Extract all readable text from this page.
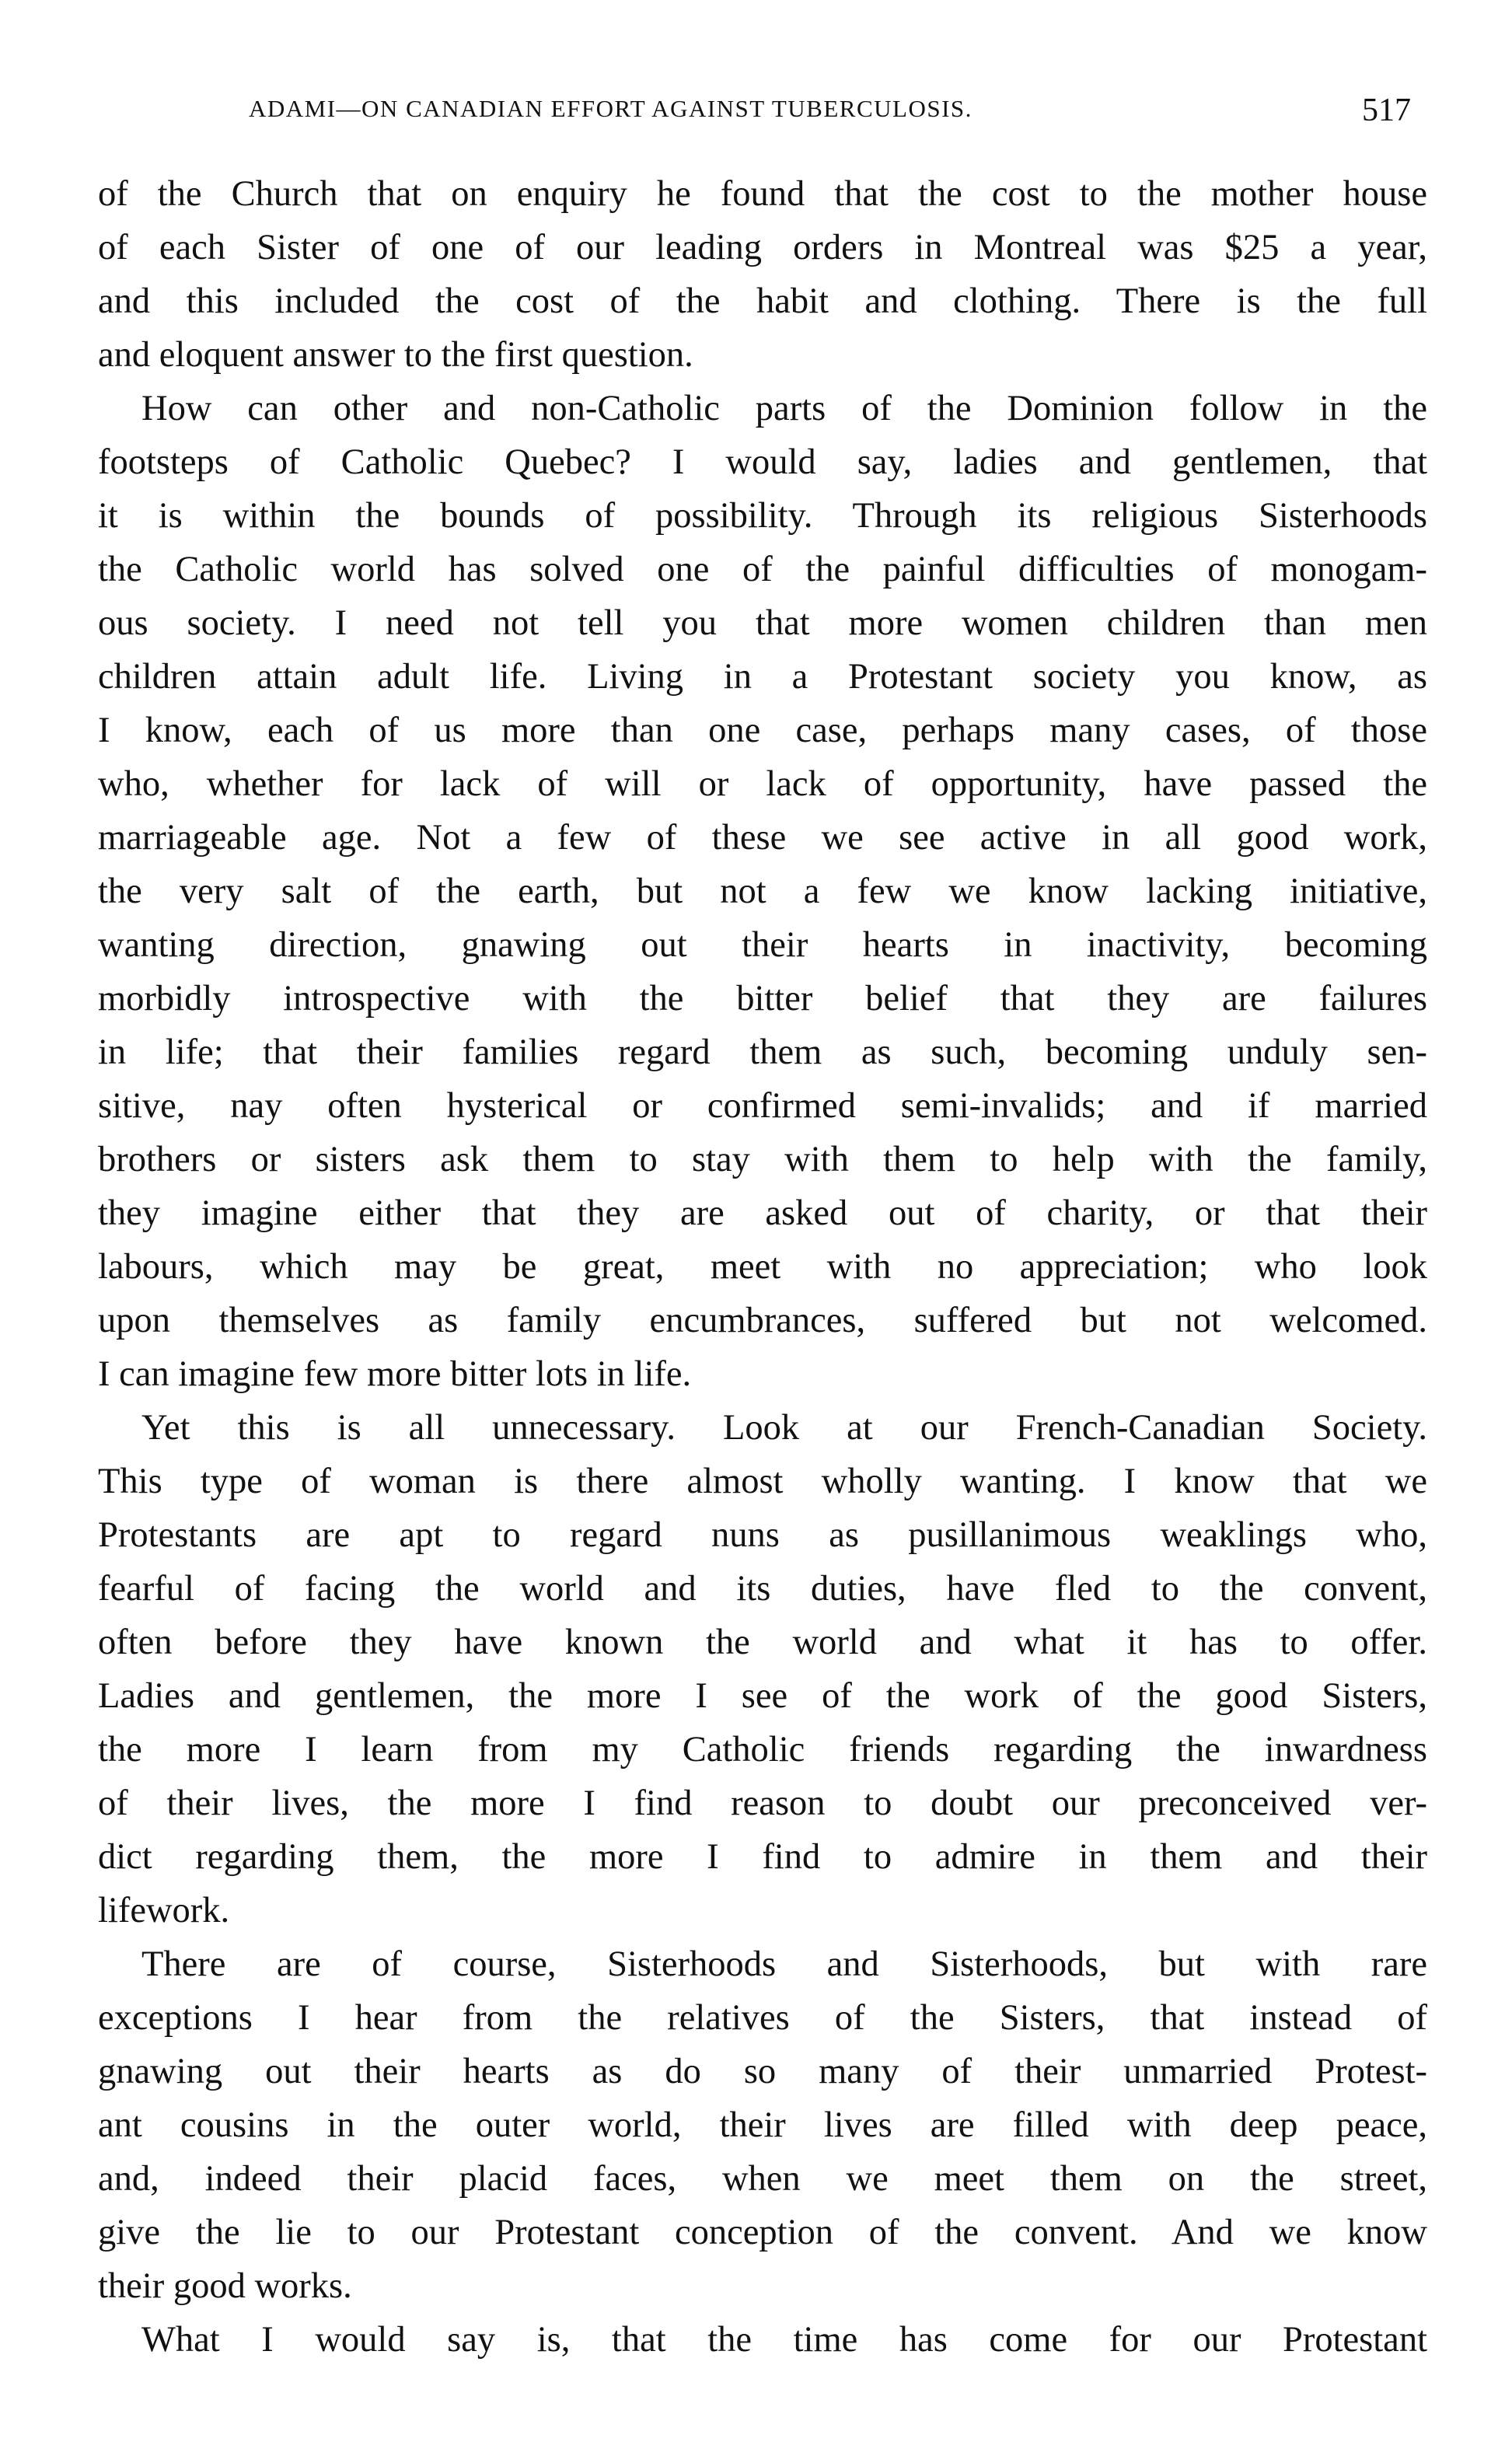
ADAMI—ON CANADIAN EFFORT AGAINST TUBERCULOSIS.	517
of the Church that on enquiry he found that the cost to the mother house
of each Sister of one of our leading orders in Montreal was $25 a year,
and this included the cost of the habit and clothing. There is the full
and eloquent answer to the first question.
How can other and non-Catholic parts of the Dominion follow in the
footsteps of Catholic Quebec? I would say, ladies and gentlemen, that
it is within the bounds of possibility. Through its religious Sisterhoods
the Catholic world has solved one of the painful difficulties of monogam-
ous society. I need not tell you that more women children than men
children attain adult life. Living in a Protestant society you know, as
I know, each of us more than one case, perhaps many cases, of those
who, whether for lack of will or lack of opportunity, have passed the
marriageable age. Not a few of these we see active in all good work,
the very salt of the earth, but not a few we know lacking initiative,
wanting direction, gnawing out their hearts in inactivity, becoming
morbidly introspective with the bitter belief that they are failures
in life; that their families regard them as such, becoming unduly sen-
sitive, nay often hysterical or confirmed semi-invalids; and if married
brothers or sisters ask them to stay with them to help with the family,
they imagine either that they are asked out of charity, or that their
labours, which may be great, meet with no appreciation; who look
upon themselves as family encumbrances, suffered but not welcomed.
I can imagine few more bitter lots in life.
Yet this is all unnecessary. Look at our French-Canadian Society.
This type of woman is there almost wholly wanting. I know that we
Protestants are apt to regard nuns as pusillanimous weaklings who,
fearful of facing the world and its duties, have fled to the convent,
often before they have known the world and what it has to offer.
Ladies and gentlemen, the more I see of the work of the good Sisters,
the more I learn from my Catholic friends regarding the inwardness
of their lives, the more I find reason to doubt our preconceived ver-
dict regarding them, the more I find to admire in them and their
lifework.
There are of course, Sisterhoods and Sisterhoods, but with rare
exceptions I hear from the relatives of the Sisters, that instead of
gnawing out their hearts as do so many of their unmarried Protest-
ant cousins in the outer world, their lives are filled with deep peace,
and, indeed their placid faces, when we meet them on the street,
give the lie to our Protestant conception of the convent. And we know
their good works.
What I would say is, that the time has come for our Protestant
